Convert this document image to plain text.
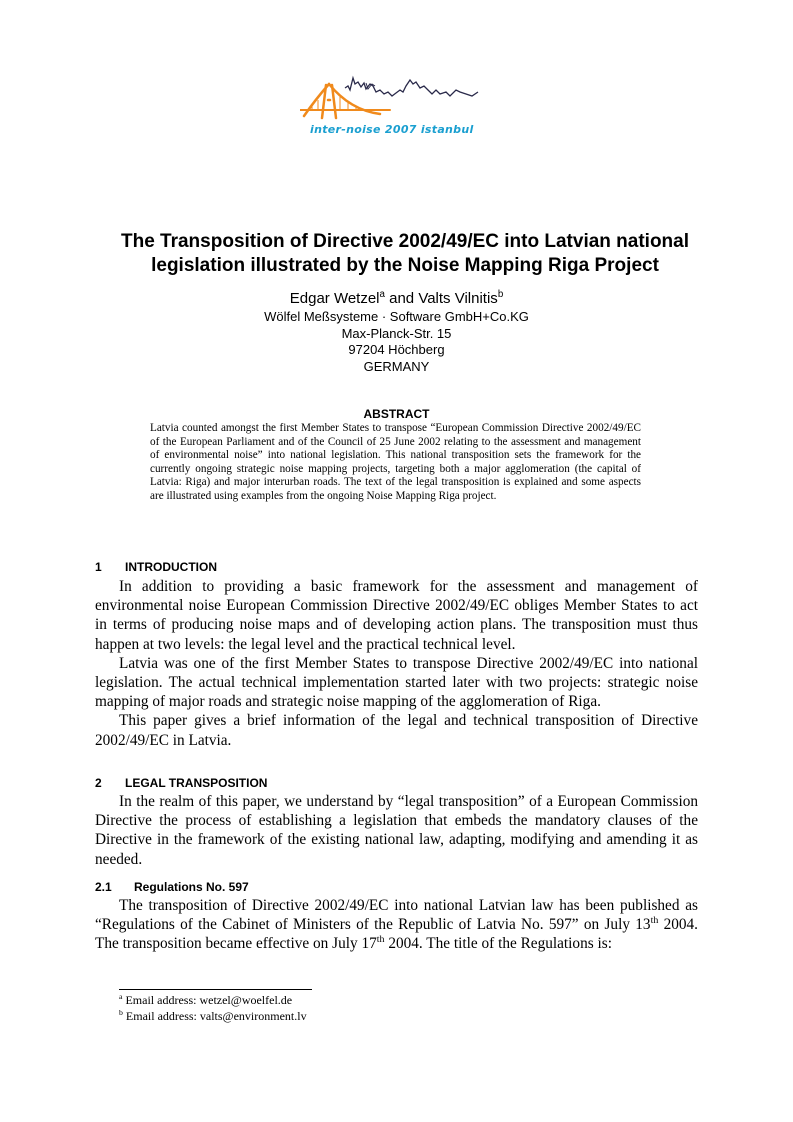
inter-noise 2007 istanbul
The Transposition of Directive 2002/49/EC into Latvian national
legislation illustrated by the Noise Mapping Riga Project
Edgar Wetzel$^a$ and Valts Vilnitis$^b$
Wölfel Meßsysteme · Software GmbH+Co.KG
Max-Planck-Str. 15
97204 Höchberg
GERMANY
ABSTRACT

Latvia counted amongst the first Member States to transpose “European Commission Directive 2002/49/EC of the European Parliament and of the Council of 25 June 2002 relating to the assessment and management of environmental noise” into national legislation. This national transposition sets the framework for the currently ongoing strategic noise mapping projects, targeting both a major agglomeration (the capital of Latvia: Riga) and major interurban roads. The text of the legal transposition is explained and some aspects are illustrated using examples from the ongoing Noise Mapping Riga project.

1 INTRODUCTION

In addition to providing a basic framework for the assessment and management of environmental noise European Commission Directive 2002/49/EC obliges Member States to act in terms of producing noise maps and of developing action plans. The transposition must thus happen at two levels: the legal level and the practical technical level.

Latvia was one of the first Member States to transpose Directive 2002/49/EC into national legislation. The actual technical implementation started later with two projects: strategic noise mapping of major roads and strategic noise mapping of the agglomeration of Riga.

This paper gives a brief information of the legal and technical transposition of Directive 2002/49/EC in Latvia.

2 LEGAL TRANSPOSITION

In the realm of this paper, we understand by “legal transposition” of a European Commission Directive the process of establishing a legislation that embeds the mandatory clauses of the Directive in the framework of the existing national law, adapting, modifying and amending it as needed.

2.1 Regulations No. 597

The transposition of Directive 2002/49/EC into national Latvian law has been published as “Regulations of the Cabinet of Ministers of the Republic of Latvia No. 597” on July 13th 2004. The transposition became effective on July 17th 2004. The title of the Regulations is:

$^a$ Email address: wetzel@woelfel.de
$^b$ Email address: valts@environment.lv
